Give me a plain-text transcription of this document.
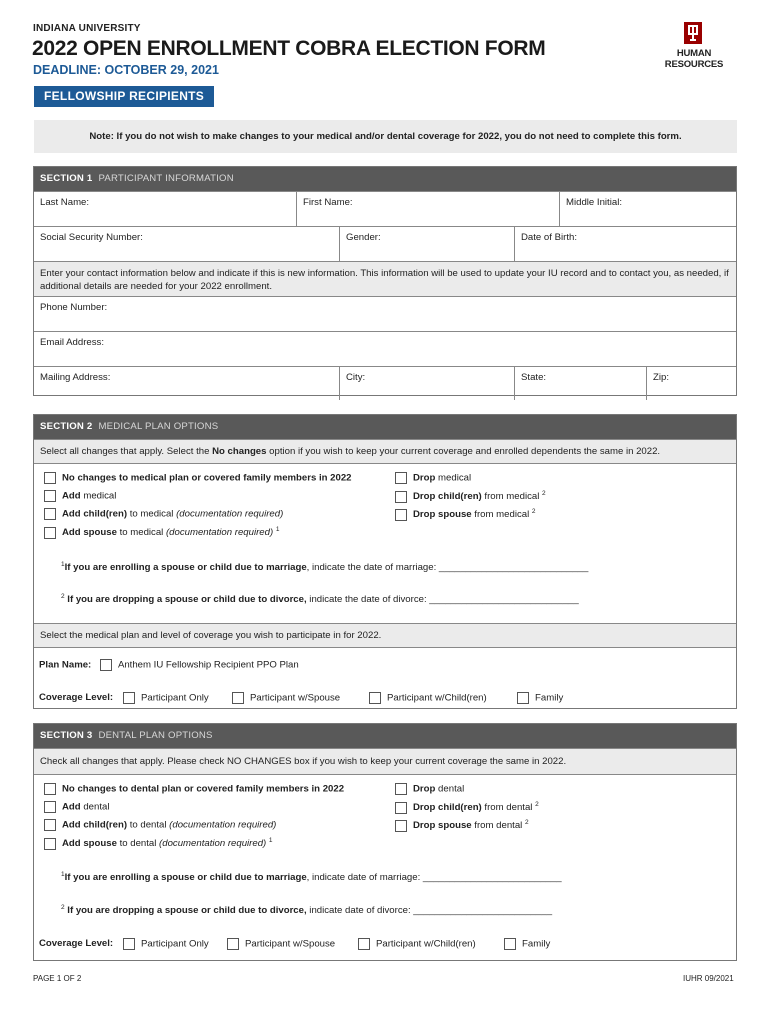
INDIANA UNIVERSITY
2022 OPEN ENROLLMENT COBRA ELECTION FORM
DEADLINE: OCTOBER 29, 2021
HUMAN RESOURCES
FELLOWSHIP RECIPIENTS
Note: If you do not wish to make changes to your medical and/or dental coverage for 2022, you do not need to complete this form.
SECTION 1 PARTICIPANT INFORMATION
Last Name:	First Name:	Middle Initial:
Social Security Number:	Gender:	Date of Birth:
Enter your contact information below and indicate if this is new information. This information will be used to update your IU record and to contact you, as needed, if additional details are needed for your 2022 enrollment.
Phone Number:
Email Address:
Mailing Address:	City:	State:	Zip:
SECTION 2 MEDICAL PLAN OPTIONS
Select all changes that apply. Select the No changes option if you wish to keep your current coverage and enrolled dependents the same in 2022.
No changes to medical plan or covered family members in 2022
Add medical
Add child(ren) to medical (documentation required)
Add spouse to medical (documentation required) $^1$
Drop medical
Drop child(ren) from medical $^2$
Drop spouse from medical $^2$
$^1$If you are enrolling a spouse or child due to marriage, indicate the date of marriage: ____________________________
$^2$ If you are dropping a spouse or child due to divorce, indicate the date of divorce: ____________________________
Select the medical plan and level of coverage you wish to participate in for 2022.
Plan Name:	Anthem IU Fellowship Recipient PPO Plan
Coverage Level:	Participant Only	Participant w/Spouse	Participant w/Child(ren)	Family
SECTION 3 DENTAL PLAN OPTIONS
Check all changes that apply. Please check NO CHANGES box if you wish to keep your current coverage the same in 2022.
No changes to dental plan or covered family members in 2022
Add dental
Add child(ren) to dental (documentation required)
Add spouse to dental (documentation required) $^1$
Drop dental
Drop child(ren) from dental $^2$
Drop spouse from dental $^2$
$^1$If you are enrolling a spouse or child due to marriage, indicate date of marriage: __________________________
$^2$ If you are dropping a spouse or child due to divorce, indicate date of divorce: __________________________
Coverage Level:	Participant Only	Participant w/Spouse	Participant w/Child(ren)	Family
PAGE 1 OF 2	IUHR 09/2021
